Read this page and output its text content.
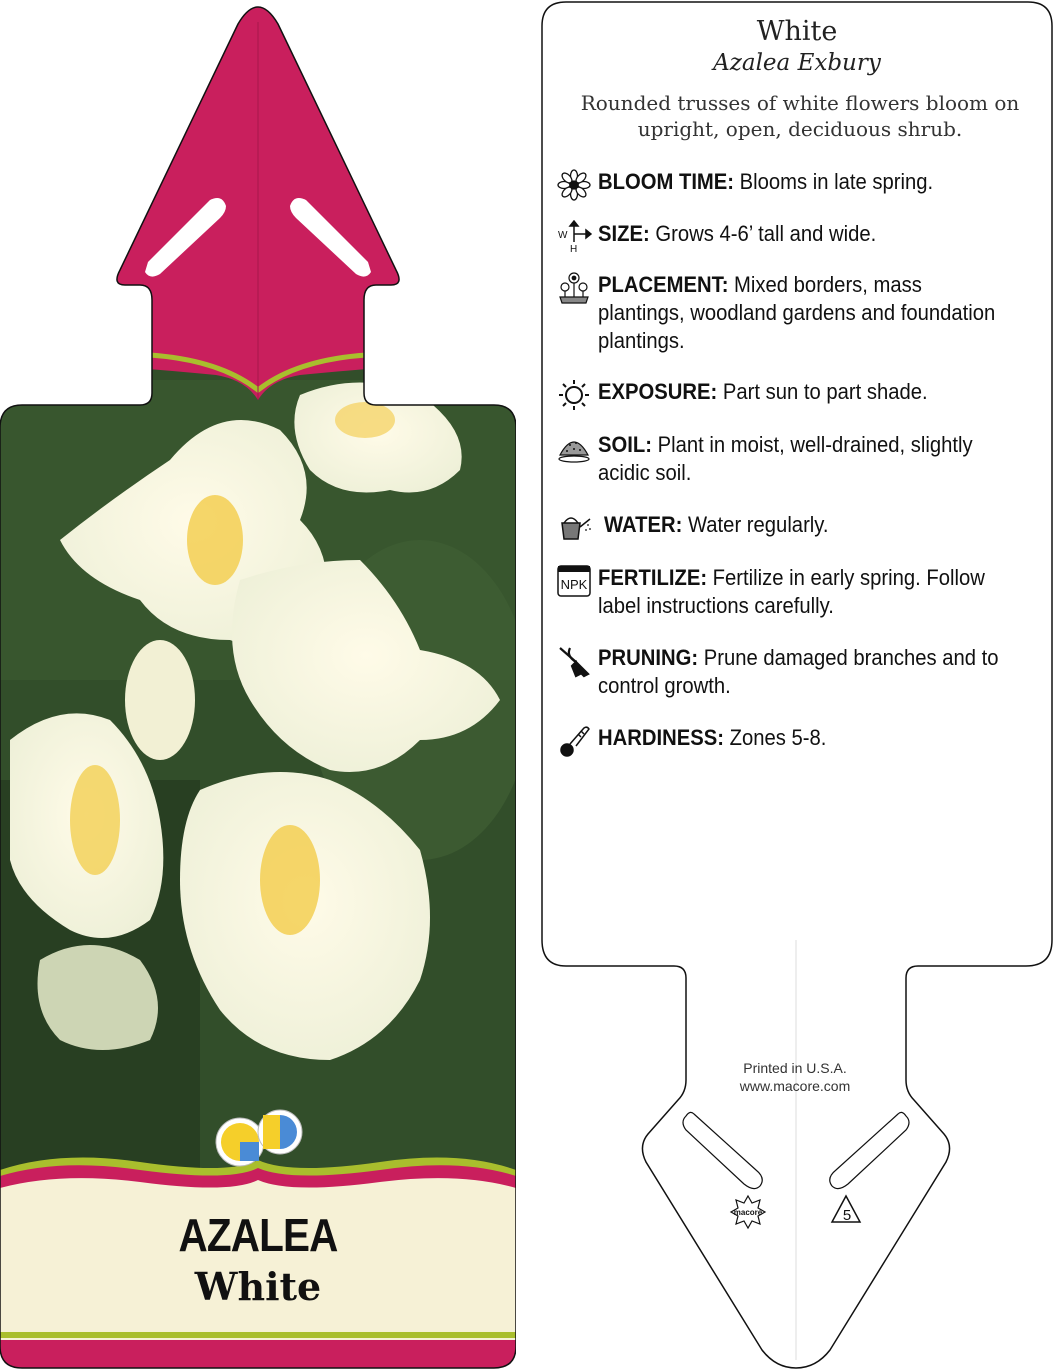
AZALEA
White
macore	5
White
Azalea Exbury
Rounded trusses of white flowers bloom on upright, open, deciduous shrub.
BLOOM TIME: Blooms in late spring.
W
H
SIZE: Grows 4-6’ tall and wide.
PLACEMENT: Mixed borders, mass plantings, woodland gardens and foundation plantings.
EXPOSURE: Part sun to part shade.
SOIL: Plant in moist, well-drained, slightly acidic soil.
WATER: Water regularly.
NPK FERTILIZE: Fertilize in early spring. Follow label instructions carefully.
PRUNING: Prune damaged branches and to control growth.
HARDINESS: Zones 5-8.
Printed in U.S.A.
www.macore.com
